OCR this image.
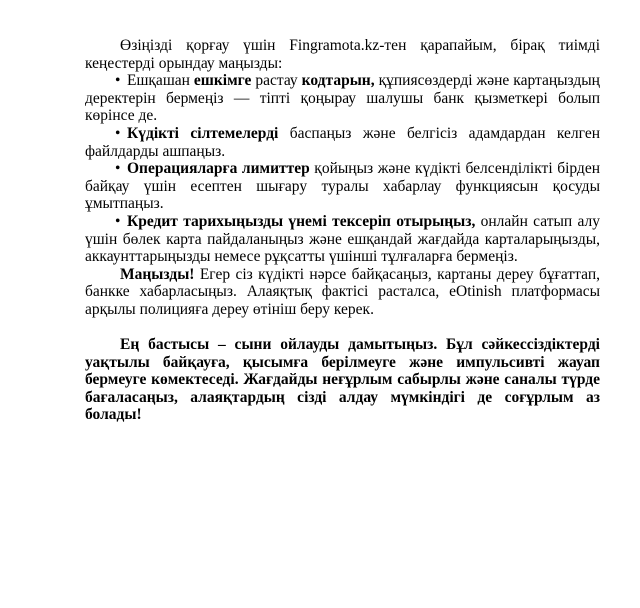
Өзіңізді қорғау үшін Fingramota.kz-тен қарапайым, бірақ тиімді кеңестерді орындау маңызды:

• Ешқашан ешкімге растау кодтарын, құпиясөздерді және картаңыздың деректерін бермеңіз — тіпті қоңырау шалушы банк қызметкері болып көрінсе де.

• Күдікті сілтемелерді баспаңыз және белгісіз адамдардан келген файлдарды ашпаңыз.

• Операцияларға лимиттер қойыңыз және күдікті белсенділікті бірден байқау үшін есептен шығару туралы хабарлау функциясын қосуды ұмытпаңыз.

• Кредит тарихыңызды үнемі тексеріп отырыңыз, онлайн сатып алу үшін бөлек карта пайдаланыңыз және ешқандай жағдайда карталарыңызды, аккаунттарыңызды немесе рұқсатты үшінші тұлғаларға бермеңіз.

Маңызды! Егер сіз күдікті нәрсе байқасаңыз, картаны дереу бұғаттап, банкке хабарласыңыз. Алаяқтық фактісі расталса, eOtinish платформасы арқылы полицияға дереу өтініш беру керек.

Ең бастысы – сыни ойлауды дамытыңыз. Бұл сәйкессіздіктерді уақтылы байқауға, қысымға берілмеуге және импульсивті жауап бермеуге көмектеседі. Жағдайды неғұрлым сабырлы және саналы түрде бағаласаңыз, алаяқтардың сізді алдау мүмкіндігі де соғұрлым аз болады!
